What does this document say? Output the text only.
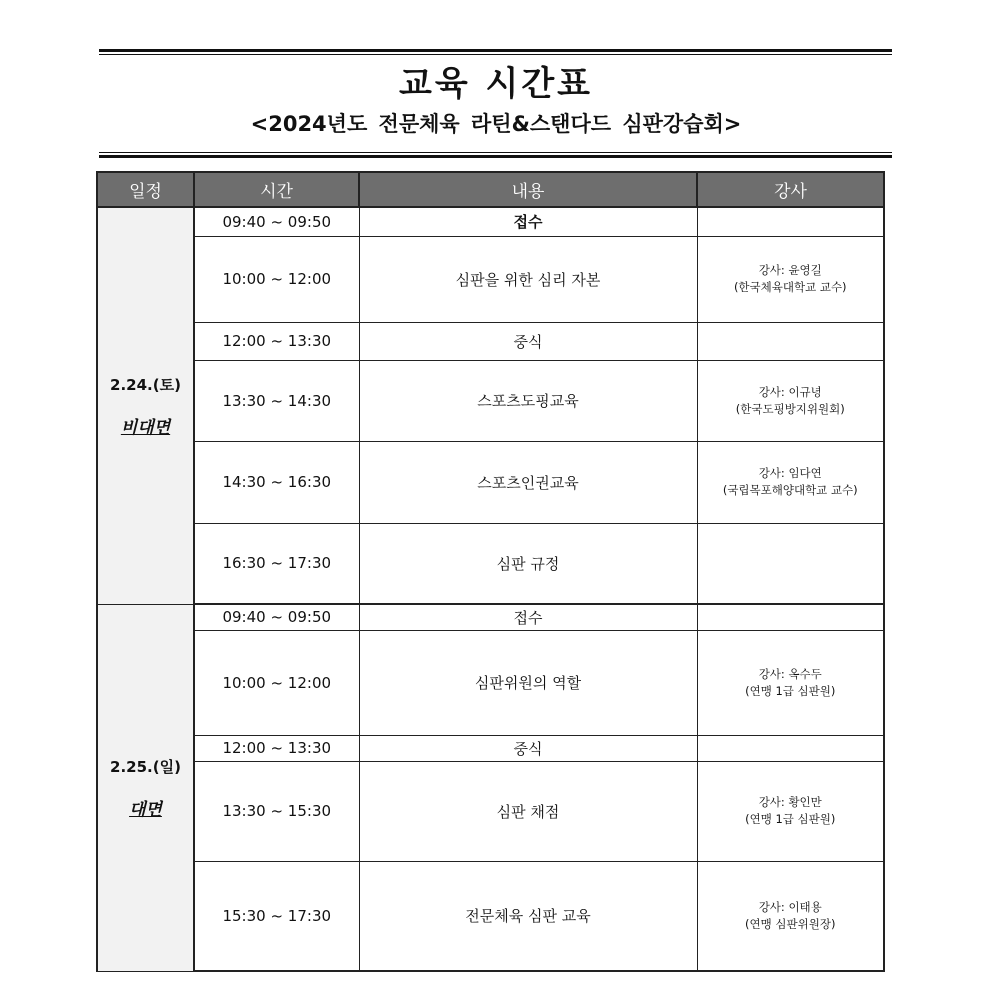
교육 시간표
<2024년도 전문체육 라틴&스탠다드 심판강습회>
일정	시간	내용	강사

2.24.(토)
비대면	09:40 ~ 09:50	접수	
	10:00 ~ 12:00	심판을 위한 심리 자본	강사: 윤영길
(한국체육대학교 교수)

	12:00 ~ 13:30	중식	
	13:30 ~ 14:30	스포츠도핑교육	강사: 이규녕
(한국도핑방지위원회)

	14:30 ~ 16:30	스포츠인권교육	강사: 임다연
(국립목포해양대학교 교수)

	16:30 ~ 17:30	심판 규정	

2.25.(일)
대면	09:40 ~ 09:50	접수	
	10:00 ~ 12:00	심판위원의 역할	강사: 옥수두
(연맹 1급 심판원)

	12:00 ~ 13:30	중식	
	13:30 ~ 15:30	심판 채점	강사: 황인만
(연맹 1급 심판원)

	15:30 ~ 17:30	전문체육 심판 교육	강사: 이태용
(연맹 심판위원장)
